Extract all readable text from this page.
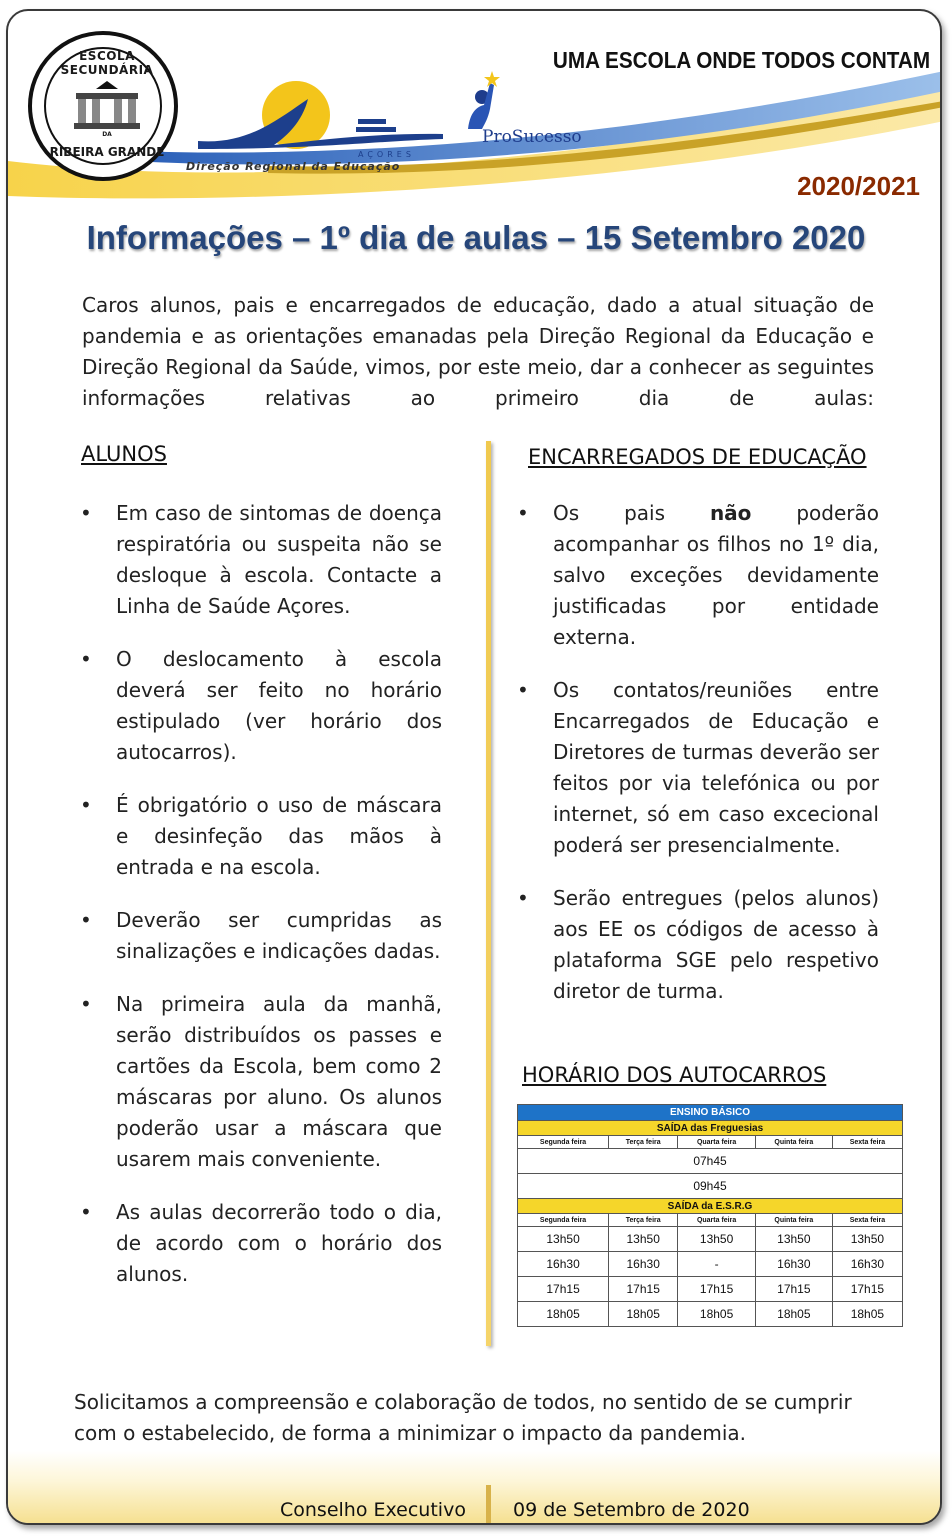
ESCOLA SECUNDÁRIA
DA
RIBEIRA GRANDE	AÇORES
Direção Regional da Educação
ProSucesso
UMA ESCOLA ONDE TODOS CONTAM
2020/2021
Informações – 1º dia de aulas – 15 Setembro 2020
Caros alunos, pais e encarregados de educação, dado a atual situação de pandemia e as orientações emanadas pela Direção Regional da Educação e Direção Regional da Saúde, vimos, por este meio, dar a conhecer as seguintes informações relativas ao primeiro dia de aulas:
ALUNOS
• Em caso de sintomas de doença respiratória ou suspeita não se desloque à escola. Contacte a Linha de Saúde Açores.
• O deslocamento à escola deverá ser feito no horário estipulado (ver horário dos autocarros).
• É obrigatório o uso de máscara e desinfeção das mãos à entrada e na escola.
• Deverão ser cumpridas as sinalizações e indicações dadas.
• Na primeira aula da manhã, serão distribuídos os passes e cartões da Escola, bem como 2 máscaras por aluno. Os alunos poderão usar a máscara que usarem mais conveniente.
• As aulas decorrerão todo o dia, de acordo com o horário dos alunos.
ENCARREGADOS DE EDUCAÇÃO
• Os pais não poderão acompanhar os filhos no 1º dia, salvo exceções devidamente justificadas por entidade externa.
• Os contatos/reuniões entre Encarregados de Educação e Diretores de turmas deverão ser feitos por via telefónica ou por internet, só em caso excecional poderá ser presencialmente.
• Serão entregues (pelos alunos) aos EE os códigos de acesso à plataforma SGE pelo respetivo diretor de turma.
HORÁRIO DOS AUTOCARROS
ENSINO BÁSICO				
SAÍDA das Freguesias				
Segunda feira	Terça feira	Quarta feira	Quinta feira	Sexta feira
07h45				
09h45				
SAÍDA da E.S.R.G				
Segunda feira	Terça feira	Quarta feira	Quinta feira	Sexta feira
13h50	13h50	13h50	13h50	13h50
16h30	16h30	-	16h30	16h30
17h15	17h15	17h15	17h15	17h15
18h05	18h05	18h05	18h05	18h05
Solicitamos a compreensão e colaboração de todos, no sentido de se cumprir com o estabelecido, de forma a minimizar o impacto da pandemia.
Conselho Executivo 09 de Setembro de 2020
